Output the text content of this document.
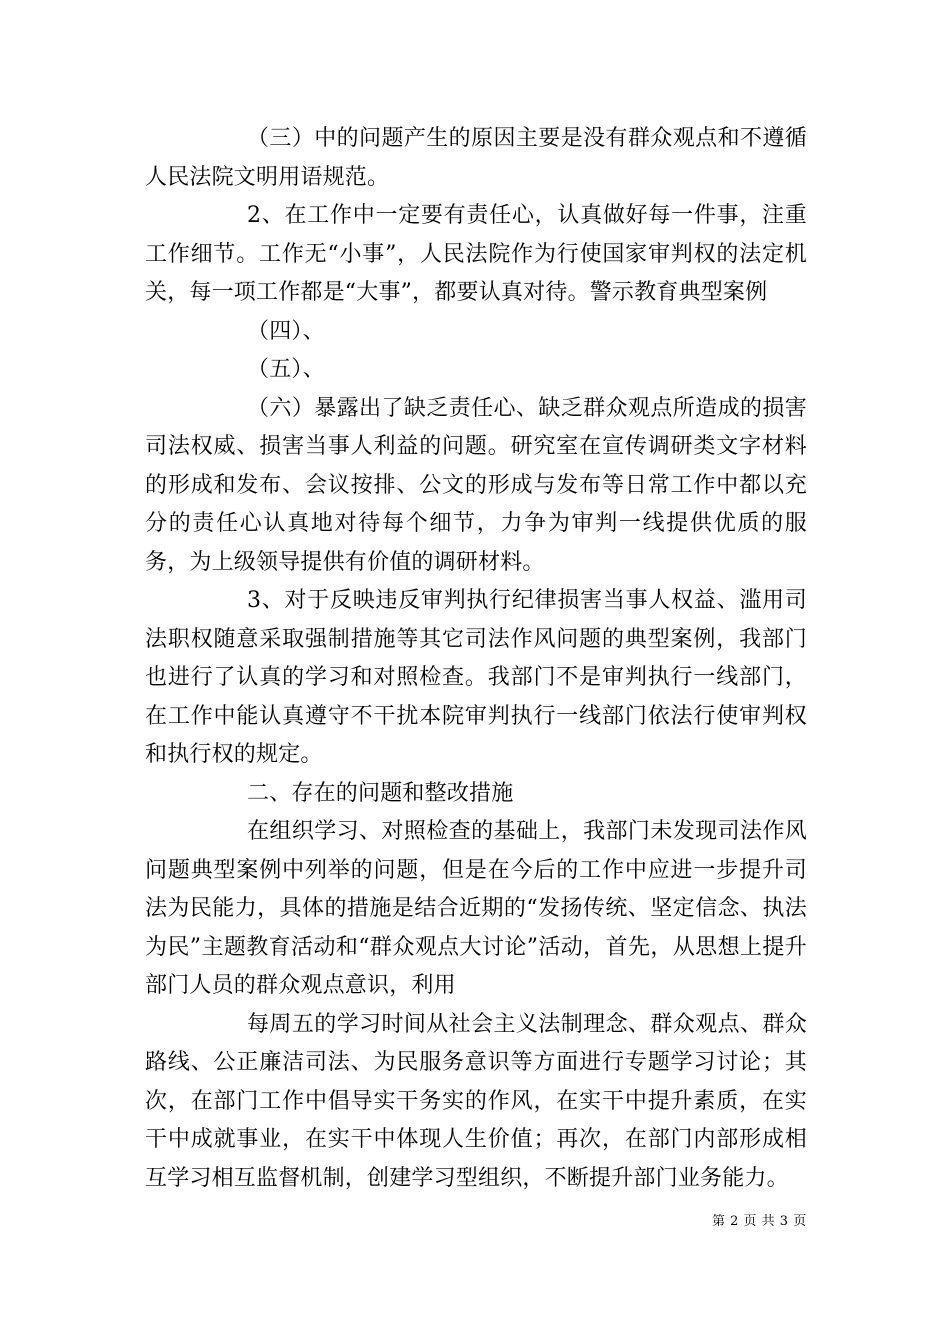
（三）中的问题产生的原因主要是没有群众观点和不遵循人民法院文明用语规范。

2、在工作中一定要有责任心，认真做好每一件事，注重工作细节。工作无“小事”，人民法院作为行使国家审判权的法定机关，每一项工作都是“大事”，都要认真对待。警示教育典型案例

（四）、

（五）、

（六）暴露出了缺乏责任心、缺乏群众观点所造成的损害司法权威、损害当事人利益的问题。研究室在宣传调研类文字材料的形成和发布、会议按排、公文的形成与发布等日常工作中都以充分的责任心认真地对待每个细节，力争为审判一线提供优质的服务，为上级领导提供有价值的调研材料。

3、对于反映违反审判执行纪律损害当事人权益、滥用司法职权随意采取强制措施等其它司法作风问题的典型案例，我部门也进行了认真的学习和对照检查。我部门不是审判执行一线部门，在工作中能认真遵守不干扰本院审判执行一线部门依法行使审判权和执行权的规定。

二、存在的问题和整改措施

在组织学习、对照检查的基础上，我部门未发现司法作风问题典型案例中列举的问题，但是在今后的工作中应进一步提升司法为民能力，具体的措施是结合近期的“发扬传统、坚定信念、执法为民”主题教育活动和“群众观点大讨论”活动，首先，从思想上提升部门人员的群众观点意识，利用

每周五的学习时间从社会主义法制理念、群众观点、群众路线、公正廉洁司法、为民服务意识等方面进行专题学习讨论；其次，在部门工作中倡导实干务实的作风，在实干中提升素质，在实干中成就事业，在实干中体现人生价值；再次，在部门内部形成相互学习相互监督机制，创建学习型组织，不断提升部门业务能力。

第 2 页 共 3 页
